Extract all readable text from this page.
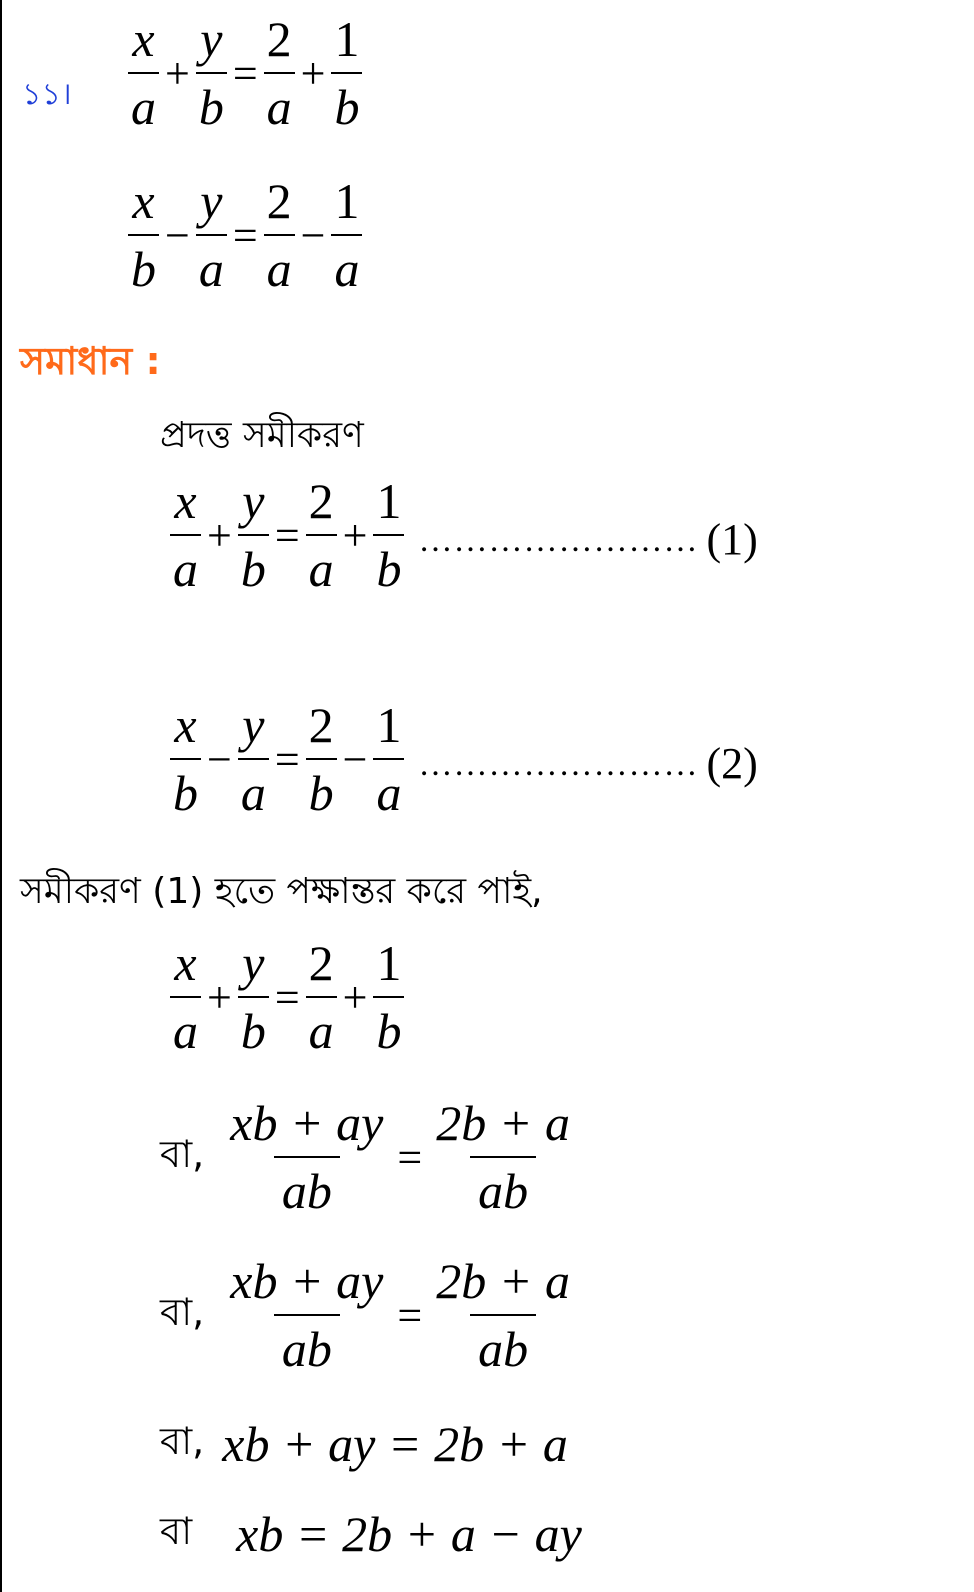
১১। $\frac{x}{a} + \frac{y}{b} = \frac{2}{a} + \frac{1}{b}$
$\frac{x}{b} - \frac{y}{a} = \frac{2}{a} - \frac{1}{a}$
সমাধান :
প্রদত্ত সমীকরণ
$\frac{x}{a} + \frac{y}{b} = \frac{2}{a} + \frac{1}{b}$ …………………… (1)
$\frac{x}{b} - \frac{y}{a} = \frac{2}{b} - \frac{1}{a}$ …………………… (2)
সমীকরণ (1) হতে পক্ষান্তর করে পাই,
$\frac{x}{a} + \frac{y}{b} = \frac{2}{a} + \frac{1}{b}$
বা, $\frac{xb + ay}{ab} = \frac{2b + a}{ab}$
বা, $\frac{xb + ay}{ab} = \frac{2b + a}{ab}$
বা, xb + ay = 2b + a
বা xb = 2b + a − ay
